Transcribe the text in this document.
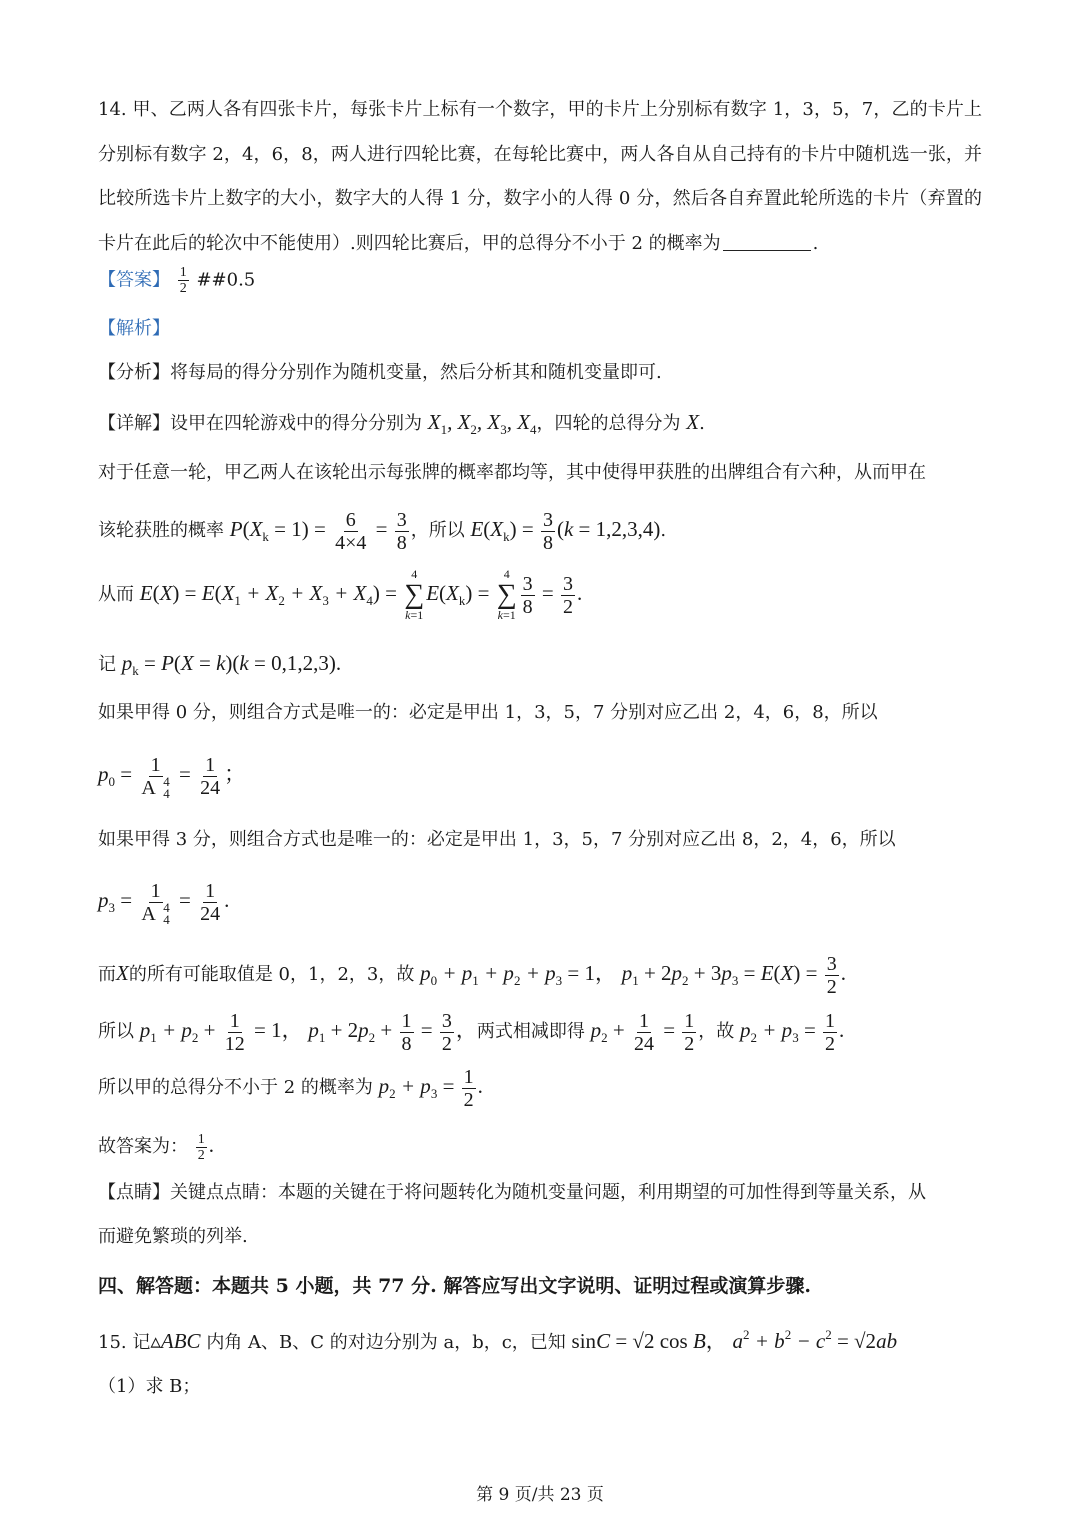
14. 甲、乙两人各有四张卡片，每张卡片上标有一个数字，甲的卡片上分别标有数字 1，3，5，7，乙的卡片上分别标有数字 2，4，6，8，两人进行四轮比赛，在每轮比赛中，两人各自从自己持有的卡片中随机选一张，并比较所选卡片上数字的大小，数字大的人得 1 分，数字小的人得 0 分，然后各自弃置此轮所选的卡片（弃置的卡片在此后的轮次中不能使用）.则四轮比赛后，甲的总得分不小于 2 的概率为	.
【答案】 $\frac{1}{2}$ ##0.5
【解析】
【分析】将每局的得分分别作为随机变量，然后分析其和随机变量即可.
【详解】设甲在四轮游戏中的得分分别为 $X_1$, $X_2$, $X_3$, $X_4$，四轮的总得分为 X.
对于任意一轮，甲乙两人在该轮出示每张牌的概率都均等，其中使得甲获胜的出牌组合有六种，从而甲在
该轮获胜的概率 $P(X_k = 1) = \frac{6}{4\times 4} = \frac{3}{8}$ ，所以 $E(X_k) = \frac{3}{8} (k = 1,2,3,4)$.
从而 $E(X) = E(X_1 + X_2 + X_3 + X_4)$ =
4
∑
k=1
$E(X_k)$ =
4
∑
$k=1 \frac{3}{8} = \frac{3}{2}$ .
记 $p_k = P(X = k)(k = 0,1,2,3)$.
如果甲得 0 分，则组合方式是唯一的：必定是甲出 1，3，5，7 分别对应乙出 2，4，6，8，所以
$p_0 = 1$
A 4
$4 = \frac{1}{24}$ ；
如果甲得 3 分，则组合方式也是唯一的：必定是甲出 1，3，5，7 分别对应乙出 8，2，4，6，所以
$p_3 = 1$
A 4
$4 = \frac{1}{24}$ .
而X的所有可能取值是 0，1，2，3，故 $p_0 + p_1 + p_2 + p_3 = 1$， $p_1 + 2p_2 + 3p_3 = E(X) = \frac{3}{2}$ .
所以 $p_1 + p_2 + \frac{1}{12} = 1$， $p_1 + 2p_2 + \frac{1}{8} = \frac{3}{2}$ ，两式相减即得 $p_2 + \frac{1}{24} = \frac{1}{2}$ ，故 $p_2 + p_3 = \frac{1}{2}$ .
所以甲的总得分不小于 2 的概率为 $p_2 + p_3 = \frac{1}{2}$ .
故答案为： $\frac{1}{2}$ .
【点睛】关键点点睛：本题的关键在于将问题转化为随机变量问题，利用期望的可加性得到等量关系，从
而避免繁琐的列举.
四、解答题：本题共 5 小题，共 77 分. 解答应写出文字说明、证明过程或演算步骤.
15. 记▵ABC 内角 A、B、C 的对边分别为 a，b，c，已知 sinC = √2 cos B， $a^2 + b^2 - c^2 = √2ab$
（1）求 B；
第 9 页/共 23 页
